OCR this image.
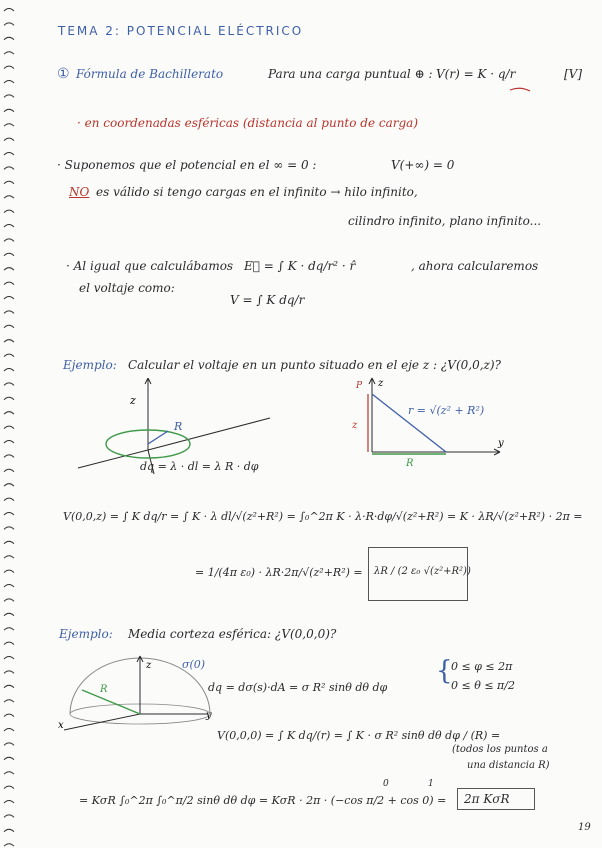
TEMA 2: POTENCIAL ELÉCTRICO
① Fórmula de Bachillerato	Para una carga puntual ⊕ : V(r) = K · q/r	[V]
· en coordenadas esféricas (distancia al punto de carga)
· Suponemos que el potencial en el ∞ = 0 :	V(+∞) = 0
NO es válido si tengo cargas en el infinito → hilo infinito,
cilindro infinito, plano infinito...
· Al igual que calculábamos E⃗ = ∫ K · dq/r² · r̂	, ahora calcularemos
el voltaje como:
V = ∫ K dq/r
Ejemplo: Calcular el voltaje en un punto situado en el eje z : ¿V(0,0,z)?
z
R
dq = λ · dl = λ R · dφ
P z
y
z
R
r = √(z² + R²)
V(0,0,z) = ∫ K dq/r = ∫ K · λ dl/√(z²+R²) = ∫₀^2π K · λ·R·dφ/√(z²+R²) = K · λR/√(z²+R²) · 2π =
= 1/(4π ε₀) · λR·2π/√(z²+R²) = λR / (2 ε₀ √(z²+R²))
Ejemplo: Media corteza esférica: ¿V(0,0,0)?
z
R
x
y
σ(0)
dq = dσ(s)·dA = σ R² sinθ dθ dφ
{
0 ≤ φ ≤ 2π
0 ≤ θ ≤ π/2
V(0,0,0) = ∫ K dq/(r) = ∫ K · σ R² sinθ dθ dφ / (R) =
(todos los puntos a
una distancia R)
= KσR ∫₀^2π ∫₀^π/2 sinθ dθ dφ = KσR · 2π · (−cos π/2 + cos 0) =
0	1
2π KσR
19
